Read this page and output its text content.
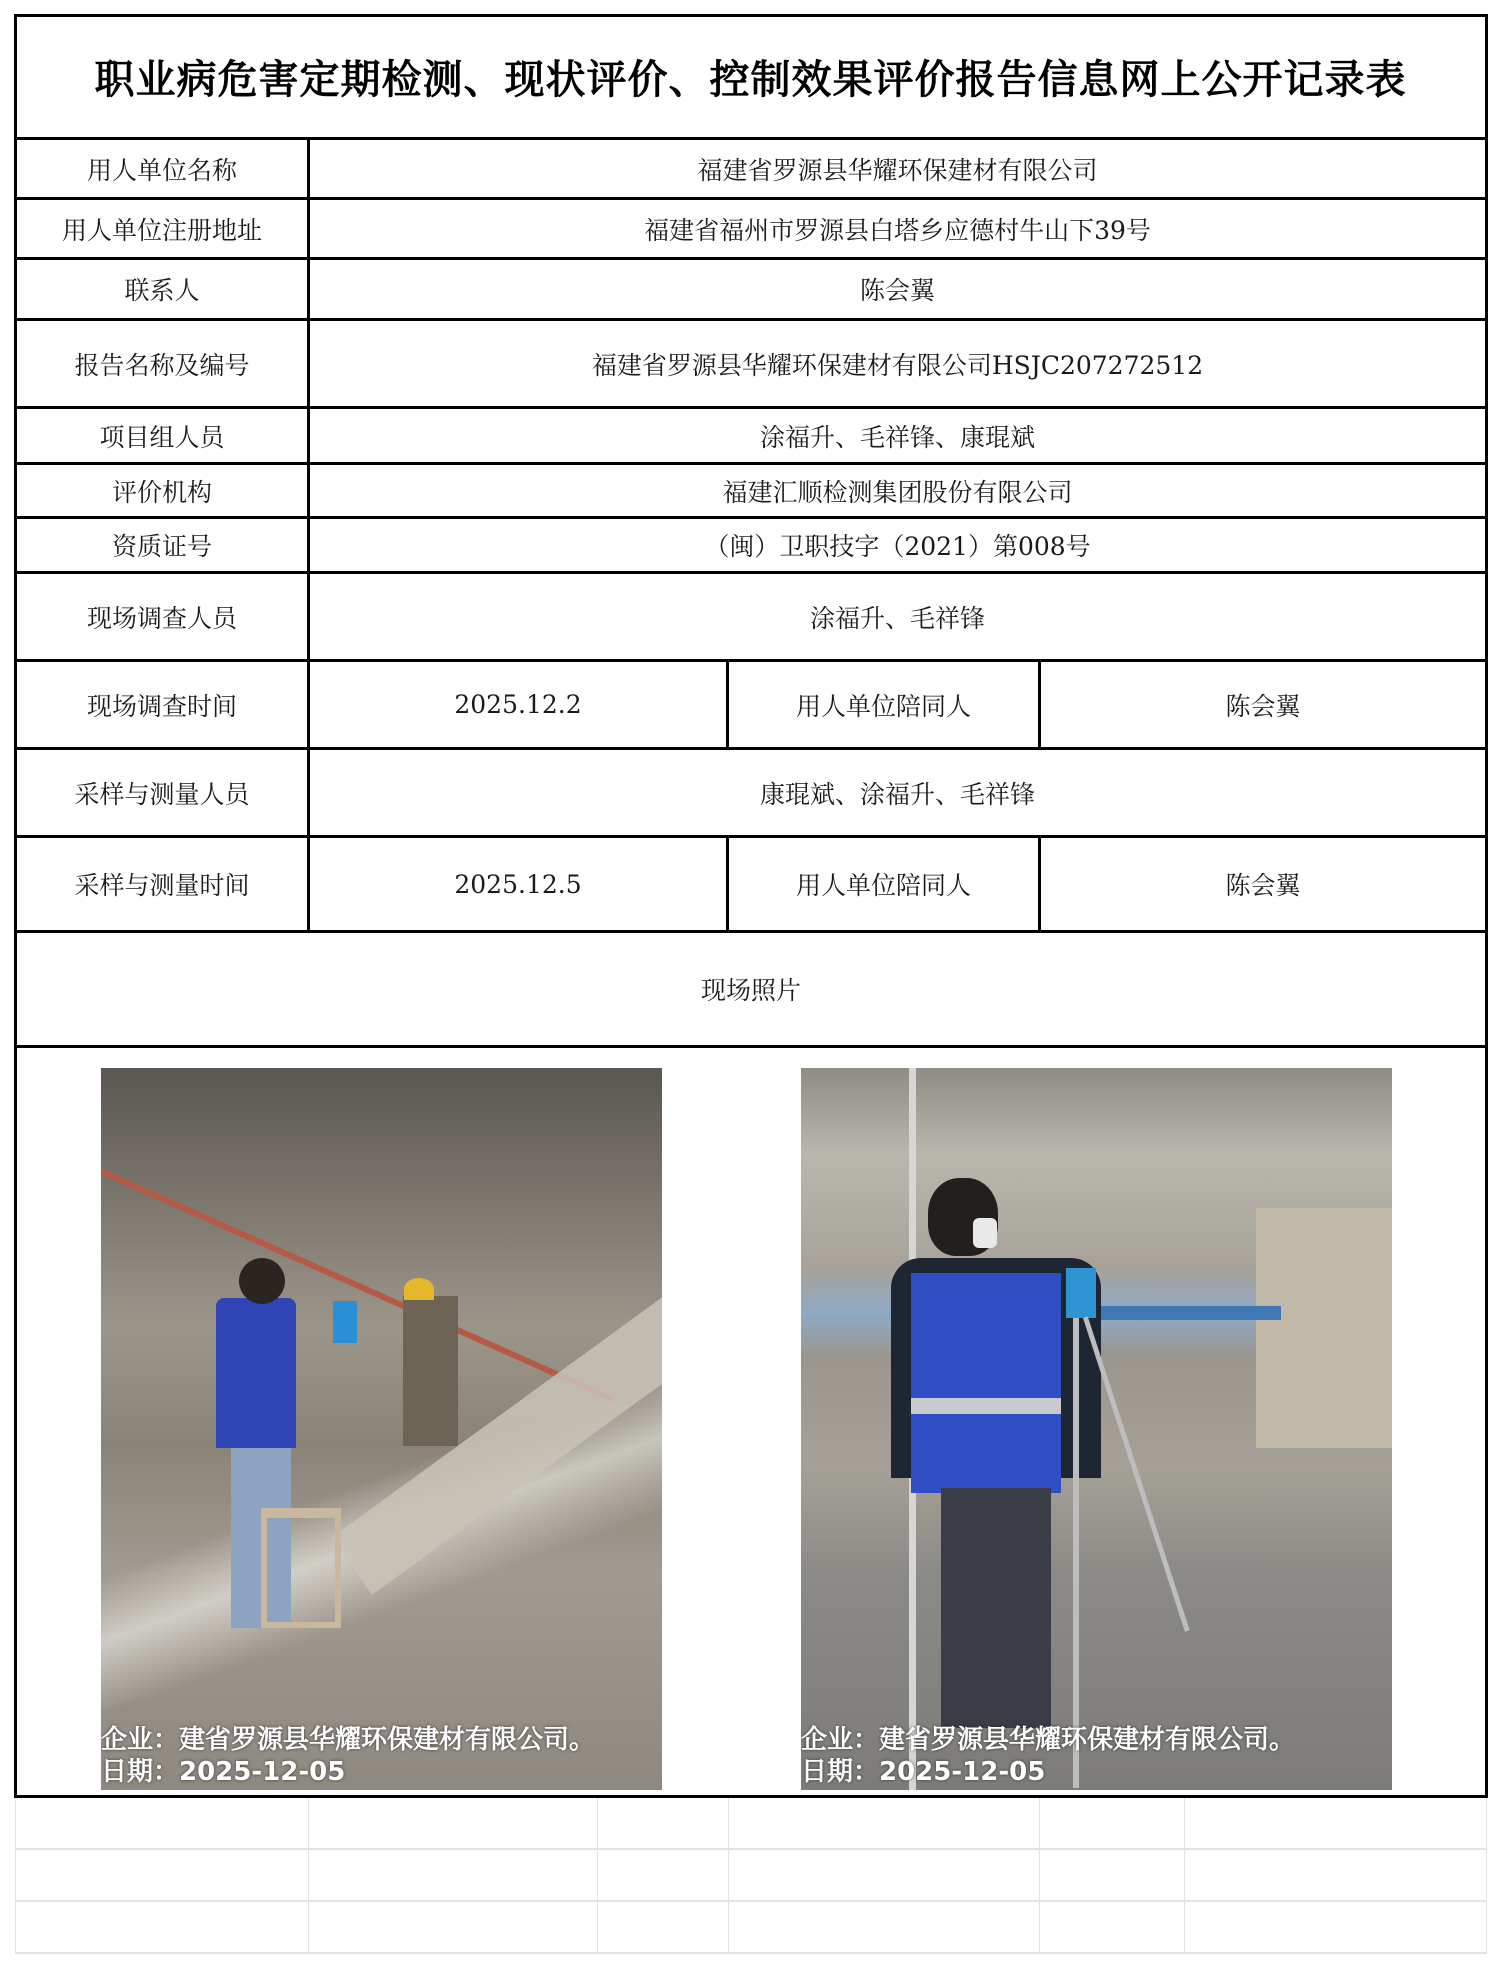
职业病危害定期检测、现状评价、控制效果评价报告信息网上公开记录表
用人单位名称	福建省罗源县华耀环保建材有限公司
用人单位注册地址	福建省福州市罗源县白塔乡应德村牛山下39号
联系人	陈会翼
报告名称及编号	福建省罗源县华耀环保建材有限公司HSJC207272512
项目组人员	涂福升、毛祥锋、康琨斌
评价机构	福建汇顺检测集团股份有限公司
资质证号	（闽）卫职技字（2021）第008号
现场调查人员	涂福升、毛祥锋
现场调查时间	2025.12.2	用人单位陪同人	陈会翼
采样与测量人员	康琨斌、涂福升、毛祥锋
采样与测量时间	2025.12.5	用人单位陪同人	陈会翼
现场照片
企业：建省罗源县华耀环保建材有限公司。
日期：2025-12-05
企业：建省罗源县华耀环保建材有限公司。
日期：2025-12-05
